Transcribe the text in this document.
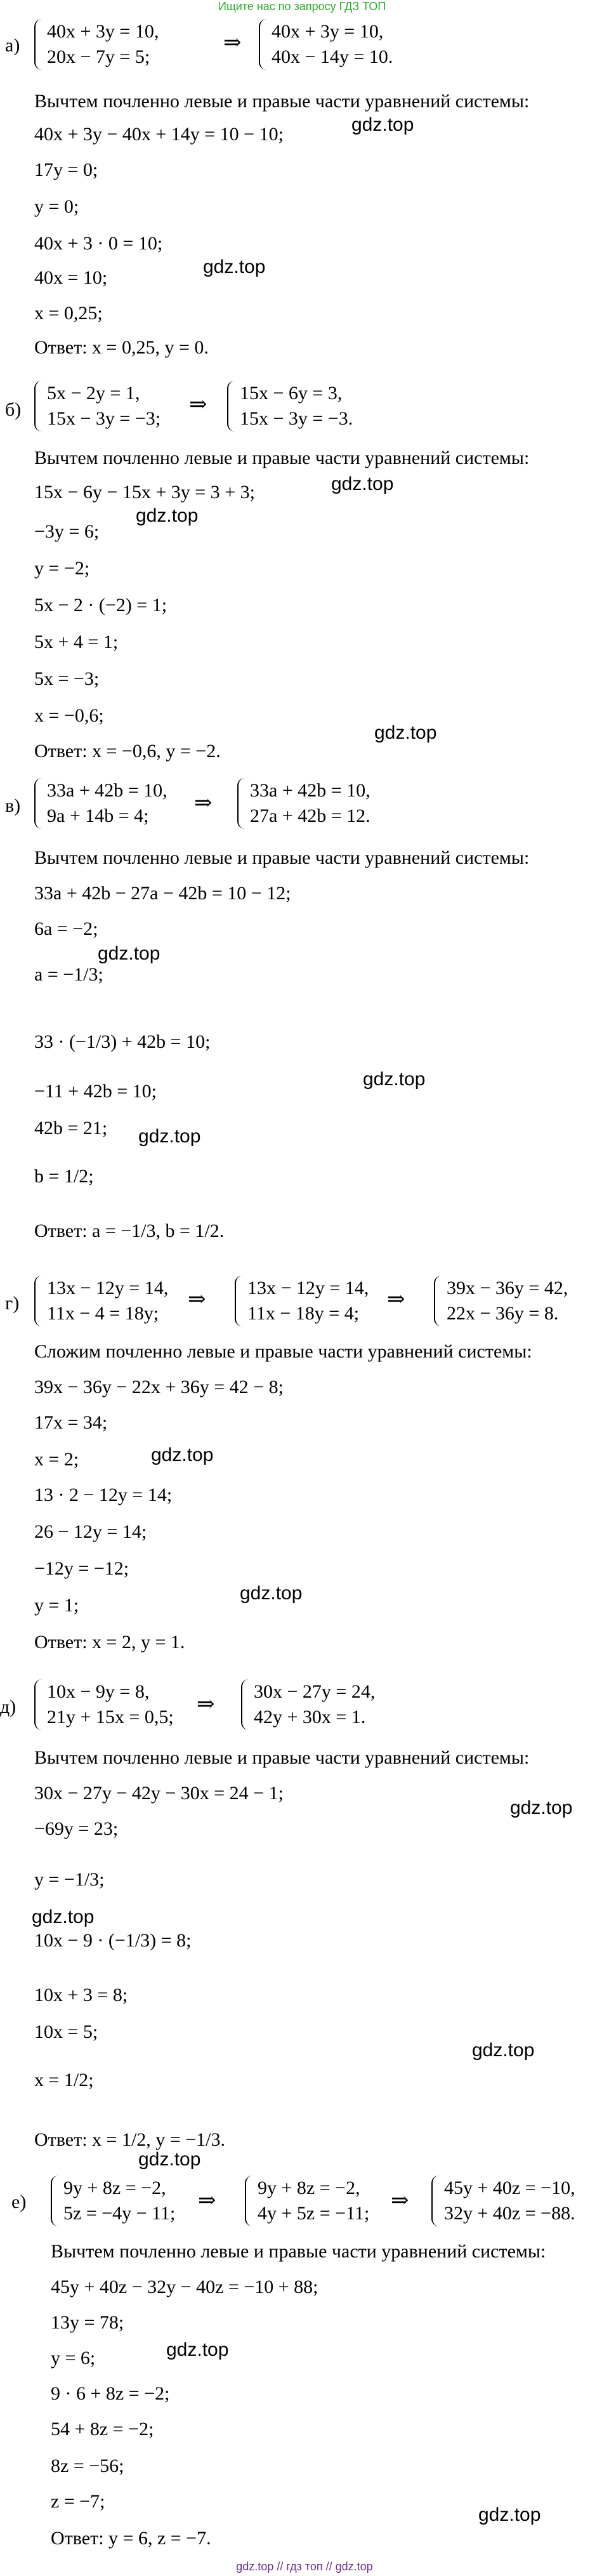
Ищите нас по запросу ГДЗ ТОП
а)
40x + 3y = 10,
20x − 7y = 5;
⇒ 40x + 3y = 10,
40x − 14y = 10.
Вычтем почленно левые и правые части уравнений системы:
40x + 3y − 40x + 14y = 10 − 10;
17y = 0;
y = 0;
40x + 3 · 0 = 10;
40x = 10;
x = 0,25;
Ответ: x = 0,25, y = 0.
gdz.top
gdz.top
б)
5x − 2y = 1,
15x − 3y = −3;
⇒ 15x − 6y = 3,
15x − 3y = −3.
Вычтем почленно левые и правые части уравнений системы:
15x − 6y − 15x + 3y = 3 + 3;
−3y = 6;
y = −2;
5x − 2 · (−2) = 1;
5x + 4 = 1;
5x = −3;
x = −0,6;
Ответ: x = −0,6, y = −2.
gdz.top
gdz.top
gdz.top
в)
33a + 42b = 10,
9a + 14b = 4;
⇒
33a + 42b = 10,
27a + 42b = 12.
Вычтем почленно левые и правые части уравнений системы:
33a + 42b − 27a − 42b = 10 − 12;
6a = −2;
a = −1/3;
33 · (−1/3) + 42b = 10;
−11 + 42b = 10;
42b = 21;
b = 1/2;
Ответ: a = −1/3, b = 1/2.
gdz.top
gdz.top
gdz.top
г)
13x − 12y = 14,
11x − 4 = 18y;
⇒ 13x − 12y = 14,
11x − 18y = 4;
⇒ 39x − 36y = 42,
22x − 36y = 8.
Сложим почленно левые и правые части уравнений системы:
39x − 36y − 22x + 36y = 42 − 8;
17x = 34;
x = 2;
13 · 2 − 12y = 14;
26 − 12y = 14;
−12y = −12;
y = 1;
Ответ: x = 2, y = 1.
gdz.top
gdz.top
д)
10x − 9y = 8,
21y + 15x = 0,5;
⇒
30x − 27y = 24,
42y + 30x = 1.
Вычтем почленно левые и правые части уравнений системы:
30x − 27y − 42y − 30x = 24 − 1;
−69y = 23;
y = −1/3;
10x − 9 · (−1/3) = 8;
10x + 3 = 8;
10x = 5;
x = 1/2;
Ответ: x = 1/2, y = −1/3.
gdz.top
gdz.top
gdz.top
gdz.top
е)
9y + 8z = −2,
5z = −4y − 11;
⇒
9y + 8z = −2,
4y + 5z = −11;
⇒
45y + 40z = −10,
32y + 40z = −88.
Вычтем почленно левые и правые части уравнений системы:
45y + 40z − 32y − 40z = −10 + 88;
13y = 78;
y = 6;
9 · 6 + 8z = −2;
54 + 8z = −2;
8z = −56;
z = −7;
Ответ: y = 6, z = −7.
gdz.top
gdz.top
gdz.top // гдз топ // gdz.top
